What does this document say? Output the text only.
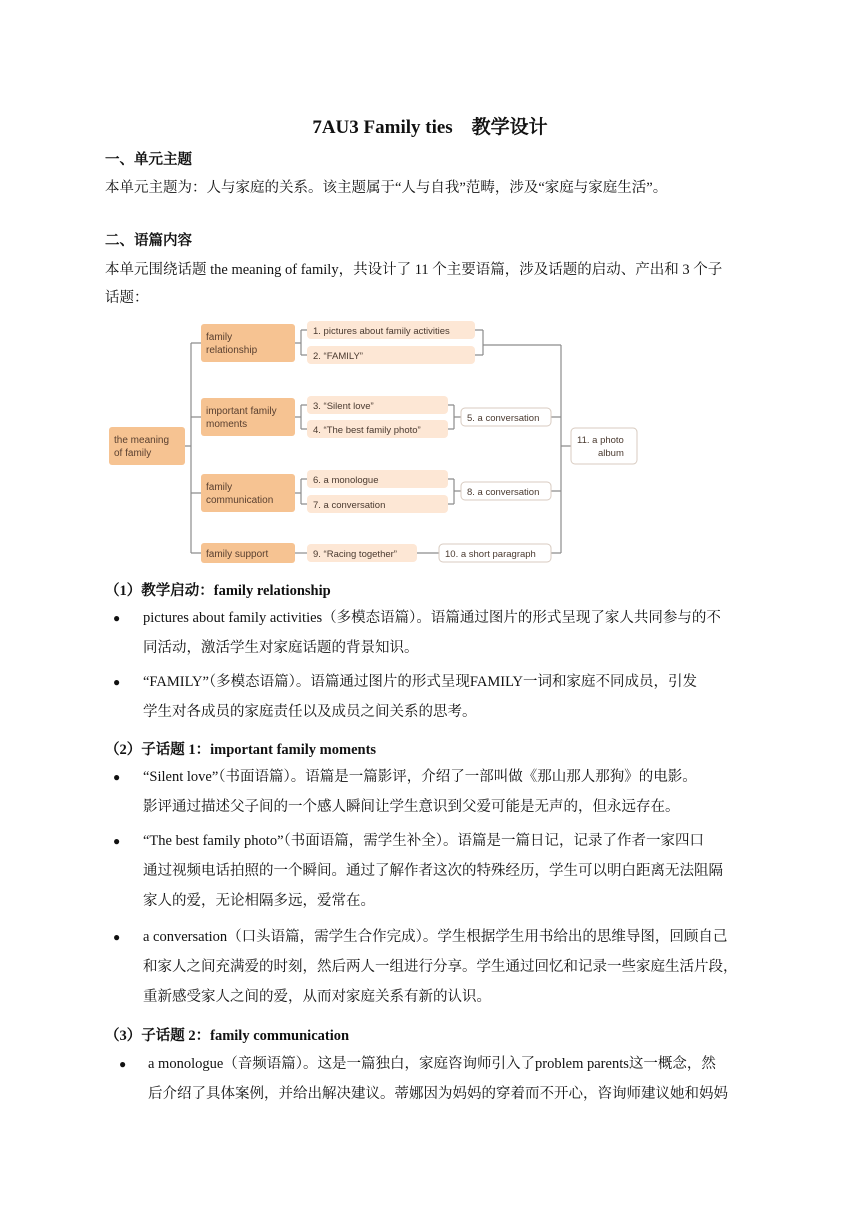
7AU3 Family ties　教学设计
一、单元主题
本单元主题为：人与家庭的关系。该主题属于“人与自我”范畴，涉及“家庭与家庭生活”。
二、语篇内容
本单元围绕话题 the meaning of family，共设计了 11 个主要语篇，涉及话题的启动、产出和 3 个子
话题：
the meaning
of family
family
relationship
important family
moments
family
communication
family support
1. pictures about family activities
2. “FAMILY”
3. “Silent love”
4. “The best family photo”
6. a monologue
7. a conversation
9. “Racing together”
5. a conversation
8. a conversation
10. a short paragraph
11. a photo
album
（1）教学启动：family relationship
● pictures about family activities（多模态语篇）。语篇通过图片的形式呈现了家人共同参与的不
同活动，激活学生对家庭话题的背景知识。
● “FAMILY”（多模态语篇）。语篇通过图片的形式呈现FAMILY一词和家庭不同成员，引发
学生对各成员的家庭责任以及成员之间关系的思考。
（2）子话题 1：important family moments
● “Silent love”（书面语篇）。语篇是一篇影评，介绍了一部叫做《那山那人那狗》的电影。
影评通过描述父子间的一个感人瞬间让学生意识到父爱可能是无声的，但永远存在。
● “The best family photo”（书面语篇，需学生补全）。语篇是一篇日记，记录了作者一家四口
通过视频电话拍照的一个瞬间。通过了解作者这次的特殊经历，学生可以明白距离无法阻隔
家人的爱，无论相隔多远，爱常在。
● a conversation（口头语篇，需学生合作完成）。学生根据学生用书给出的思维导图，回顾自己
和家人之间充满爱的时刻，然后两人一组进行分享。学生通过回忆和记录一些家庭生活片段，
重新感受家人之间的爱，从而对家庭关系有新的认识。
（3）子话题 2：family communication
● a monologue（音频语篇）。这是一篇独白，家庭咨询师引入了problem parents这一概念，然
后介绍了具体案例，并给出解决建议。蒂娜因为妈妈的穿着而不开心，咨询师建议她和妈妈
